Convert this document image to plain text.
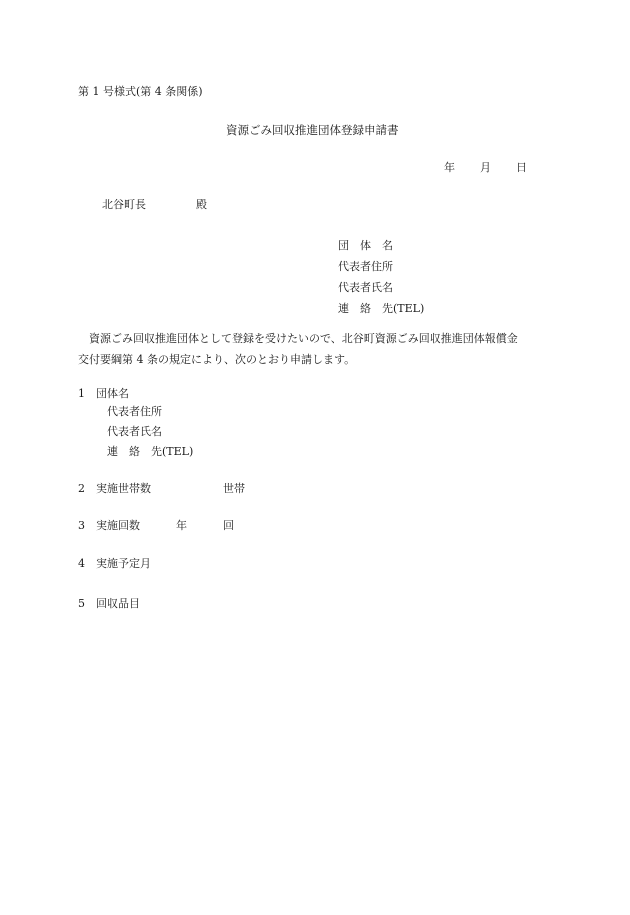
第 1 号様式(第 4 条関係)
資源ごみ回収推進団体登録申請書
年 月 日
北谷町長	殿
団　体　名
代表者住所
代表者氏名
連　絡　先(TEL)
資源ごみ回収推進団体として登録を受けたいので、北谷町資源ごみ回収推進団体報償金
交付要綱第 4 条の規定により、次のとおり申請します。
1 団体名
代表者住所
代表者氏名
連　絡　先(TEL)
2 実施世帯数	世帯
3 実施回数	年	回
4 実施予定月
5 回収品目
